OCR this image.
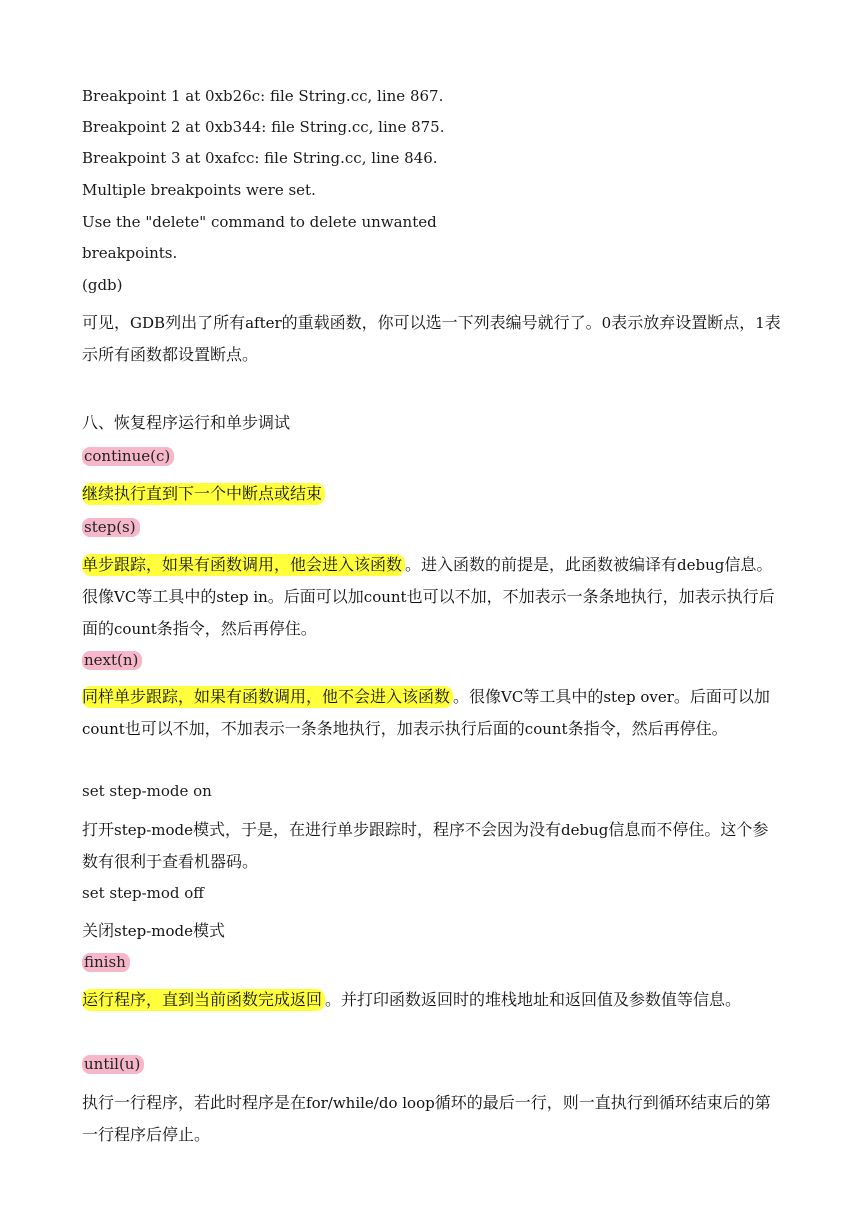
Breakpoint 1 at 0xb26c: file String.cc, line 867.
Breakpoint 2 at 0xb344: file String.cc, line 875.
Breakpoint 3 at 0xafcc: file String.cc, line 846.
Multiple breakpoints were set.
Use the "delete" command to delete unwanted
breakpoints.
(gdb)
可见，GDB列出了所有after的重载函数，你可以选一下列表编号就行了。0表示放弃设置断点，1表示所有函数都设置断点。
八、恢复程序运行和单步调试
continue(c)
继续执行直到下一个中断点或结束
step(s)
单步跟踪，如果有函数调用，他会进入该函数 。进入函数的前提是，此函数被编译有debug信息。很像VC等工具中的step in。后面可以加count也可以不加，不加表示一条条地执行，加表示执行后面的count条指令，然后再停住。
next(n)
同样单步跟踪，如果有函数调用，他不会进入该函数 。很像VC等工具中的step over。后面可以加count也可以不加，不加表示一条条地执行，加表示执行后面的count条指令，然后再停住。
set step-mode on
打开step-mode模式，于是，在进行单步跟踪时，程序不会因为没有debug信息而不停住。这个参数有很利于查看机器码。
set step-mod off
关闭step-mode模式
finish
运行程序，直到当前函数完成返回 。并打印函数返回时的堆栈地址和返回值及参数值等信息。
until(u)
执行一行程序，若此时程序是在for/while/do loop循环的最后一行，则一直执行到循环结束后的第一行程序后停止。
